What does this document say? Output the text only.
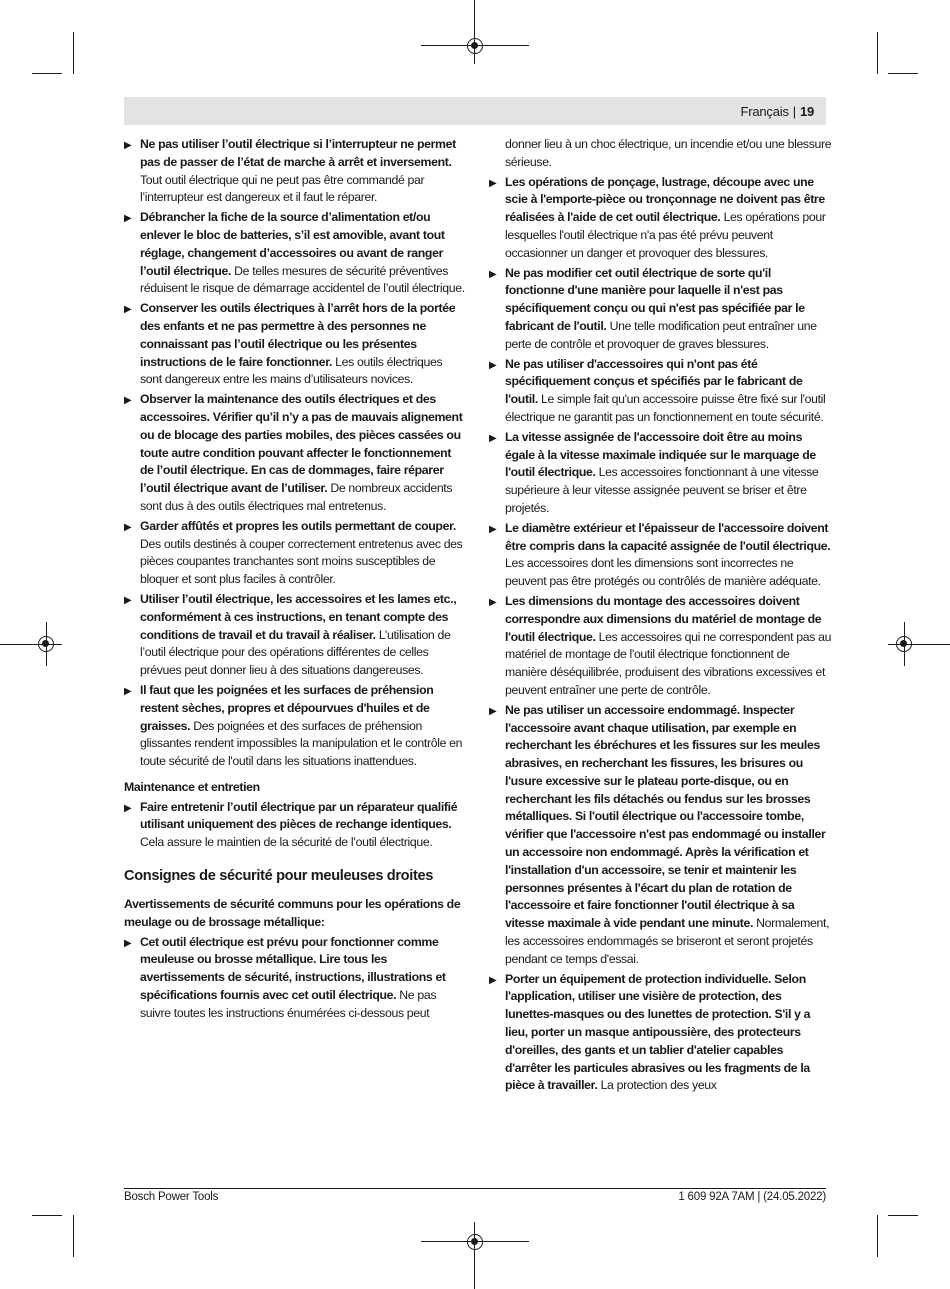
Français | 19
▶ Ne pas utiliser l’outil électrique si l’interrupteur ne permet pas de passer de l’état de marche à arrêt et inversement. Tout outil électrique qui ne peut pas être commandé par l’interrupteur est dangereux et il faut le réparer.
▶ Débrancher la fiche de la source d’alimentation et/ou enlever le bloc de batteries, s’il est amovible, avant tout réglage, changement d’accessoires ou avant de ranger l’outil électrique. De telles mesures de sécurité préventives réduisent le risque de démarrage accidentel de l’outil électrique.
▶ Conserver les outils électriques à l’arrêt hors de la portée des enfants et ne pas permettre à des personnes ne connaissant pas l’outil électrique ou les présentes instructions de le faire fonctionner. Les outils électriques sont dangereux entre les mains d’utilisateurs novices.
▶ Observer la maintenance des outils électriques et des accessoires. Vérifier qu’il n’y a pas de mauvais alignement ou de blocage des parties mobiles, des pièces cassées ou toute autre condition pouvant affecter le fonctionnement de l’outil électrique. En cas de dommages, faire réparer l’outil électrique avant de l’utiliser. De nombreux accidents sont dus à des outils électriques mal entretenus.
▶ Garder affûtés et propres les outils permettant de couper. Des outils destinés à couper correctement entretenus avec des pièces coupantes tranchantes sont moins susceptibles de bloquer et sont plus faciles à contrôler.
▶ Utiliser l’outil électrique, les accessoires et les lames etc., conformément à ces instructions, en tenant compte des conditions de travail et du travail à réaliser. L’utilisation de l’outil électrique pour des opérations différentes de celles prévues peut donner lieu à des situations dangereuses.
▶ Il faut que les poignées et les surfaces de préhension restent sèches, propres et dépourvues d'huiles et de graisses. Des poignées et des surfaces de préhension glissantes rendent impossibles la manipulation et le contrôle en toute sécurité de l'outil dans les situations inattendues.
Maintenance et entretien
▶ Faire entretenir l’outil électrique par un réparateur qualifié utilisant uniquement des pièces de rechange identiques. Cela assure le maintien de la sécurité de l’outil électrique.
Consignes de sécurité pour meuleuses droites
Avertissements de sécurité communs pour les opérations de meulage ou de brossage métallique:
▶ Cet outil électrique est prévu pour fonctionner comme meuleuse ou brosse métallique. Lire tous les avertissements de sécurité, instructions, illustrations et spécifications fournis avec cet outil électrique. Ne pas suivre toutes les instructions énumérées ci-dessous peut
donner lieu à un choc électrique, un incendie et/ou une blessure sérieuse.
▶ Les opérations de ponçage, lustrage, découpe avec une scie à l'emporte-pièce ou tronçonnage ne doivent pas être réalisées à l'aide de cet outil électrique. Les opérations pour lesquelles l'outil électrique n'a pas été prévu peuvent occasionner un danger et provoquer des blessures.
▶ Ne pas modifier cet outil électrique de sorte qu'il fonctionne d'une manière pour laquelle il n'est pas spécifiquement conçu ou qui n'est pas spécifiée par le fabricant de l'outil. Une telle modification peut entraîner une perte de contrôle et provoquer de graves blessures.
▶ Ne pas utiliser d'accessoires qui n'ont pas été spécifiquement conçus et spécifiés par le fabricant de l'outil. Le simple fait qu'un accessoire puisse être fixé sur l'outil électrique ne garantit pas un fonctionnement en toute sécurité.
▶ La vitesse assignée de l'accessoire doit être au moins égale à la vitesse maximale indiquée sur le marquage de l'outil électrique. Les accessoires fonctionnant à une vitesse supérieure à leur vitesse assignée peuvent se briser et être projetés.
▶ Le diamètre extérieur et l'épaisseur de l'accessoire doivent être compris dans la capacité assignée de l'outil électrique. Les accessoires dont les dimensions sont incorrectes ne peuvent pas être protégés ou contrôlés de manière adéquate.
▶ Les dimensions du montage des accessoires doivent correspondre aux dimensions du matériel de montage de l'outil électrique. Les accessoires qui ne correspondent pas au matériel de montage de l'outil électrique fonctionnent de manière déséquilibrée, produisent des vibrations excessives et peuvent entraîner une perte de contrôle.
▶ Ne pas utiliser un accessoire endommagé. Inspecter l'accessoire avant chaque utilisation, par exemple en recherchant les ébréchures et les fissures sur les meules abrasives, en recherchant les fissures, les brisures ou l'usure excessive sur le plateau porte-disque, ou en recherchant les fils détachés ou fendus sur les brosses métalliques. Si l'outil électrique ou l'accessoire tombe, vérifier que l'accessoire n'est pas endommagé ou installer un accessoire non endommagé. Après la vérification et l'installation d'un accessoire, se tenir et maintenir les personnes présentes à l'écart du plan de rotation de l'accessoire et faire fonctionner l'outil électrique à sa vitesse maximale à vide pendant une minute. Normalement, les accessoires endommagés se briseront et seront projetés pendant ce temps d'essai.
▶ Porter un équipement de protection individuelle. Selon l'application, utiliser une visière de protection, des lunettes-masques ou des lunettes de protection. S'il y a lieu, porter un masque antipoussière, des protecteurs d'oreilles, des gants et un tablier d'atelier capables d'arrêter les particules abrasives ou les fragments de la pièce à travailler. La protection des yeux
Bosch Power Tools	1 609 92A 7AM | (24.05.2022)
